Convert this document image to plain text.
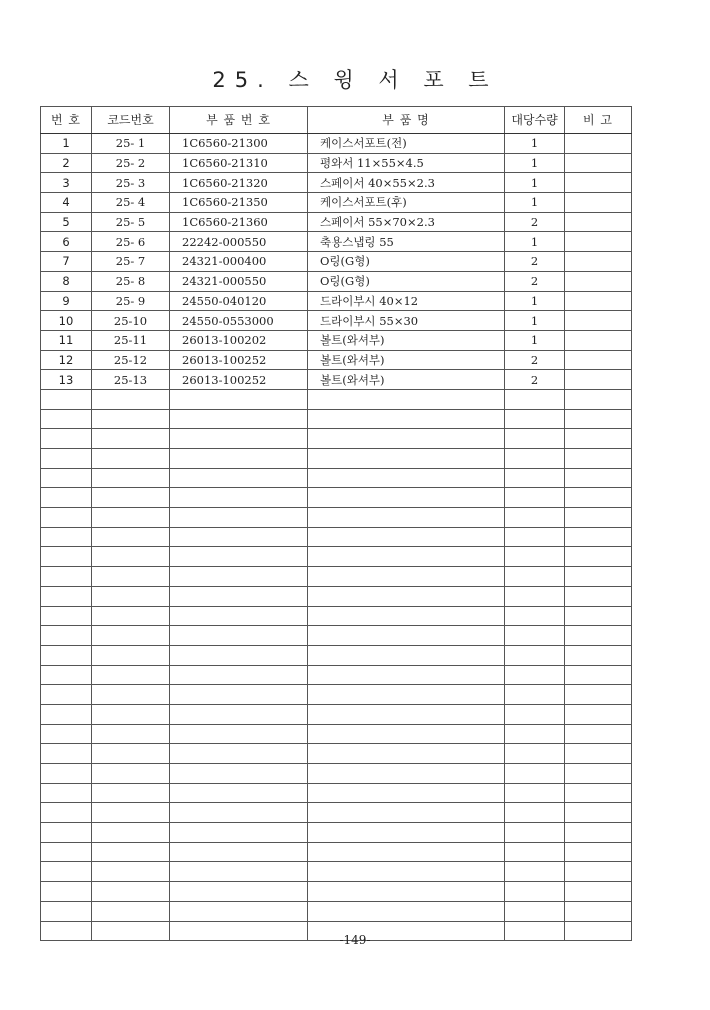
25. 스 윙 서 포 트
번 호	코드번호	부 품 번 호	부 품 명	대당수량	비 고
1	25- 1	1C6560-21300	케이스서포트(전)	1	
2	25- 2	1C6560-21310	평와서 11×55×4.5	1	
3	25- 3	1C6560-21320	스페이서 40×55×2.3	1	
4	25- 4	1C6560-21350	케이스서포트(후)	1	
5	25- 5	1C6560-21360	스페이서 55×70×2.3	2	
6	25- 6	22242-000550	축용스냅링 55	1	
7	25- 7	24321-000400	O링(G형)	2	
8	25- 8	24321-000550	O링(G형)	2	
9	25- 9	24550-040120	드라이부시 40×12	1	
10	25-10	24550-0553000	드라이부시 55×30	1	
11	25-11	26013-100202	볼트(와셔부)	1	
12	25-12	26013-100252	볼트(와셔부)	2	
13	25-13	26013-100252	볼트(와셔부)	2	

-149-
